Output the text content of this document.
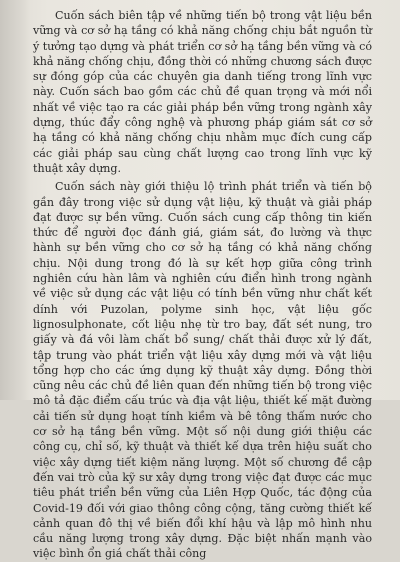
Cuốn sách biên tập về những tiến bộ trong vật liệu bền vững và cơ sở hạ tầng có khả năng chống chịu bắt nguồn từ ý tưởng tạo dựng và phát triển cơ sở hạ tầng bền vững và có khả năng chống chịu, đồng thời có những chương sách được sự đóng góp của các chuyên gia danh tiếng trong lĩnh vực này. Cuốn sách bao gồm các chủ đề quan trọng và mới nổi nhất về việc tạo ra các giải pháp bền vững trong ngành xây dựng, thúc đẩy công nghệ và phương pháp giám sát cơ sở hạ tầng có khả năng chống chịu nhằm mục đích cung cấp các giải pháp sau cùng chất lượng cao trong lĩnh vực kỹ thuật xây dựng.

Cuốn sách này giới thiệu lộ trình phát triển và tiến bộ gần đây trong việc sử dụng vật liệu, kỹ thuật và giải pháp đạt được sự bền vững. Cuốn sách cung cấp thông tin kiến thức để người đọc đánh giá, giám sát, đo lường và thực hành sự bền vững cho cơ sở hạ tầng có khả năng chống chịu. Nội dung trong đó là sự kết hợp giữa công trình nghiên cứu hàn lâm và nghiên cứu điển hình trong ngành về việc sử dụng các vật liệu có tính bền vững như chất kết dính với Puzolan, polyme sinh học, vật liệu gốc lignosulphonate, cốt liệu nhẹ từ tro bay, đất sét nung, tro giấy và đá vôi làm chất bổ sung/ chất thải được xử lý đất, tập trung vào phát triển vật liệu xây dựng mới và vật liệu tổng hợp cho các ứng dụng kỹ thuật xây dựng. Đồng thời cũng nêu các chủ đề liên quan đến những tiến bộ trong việc mô tả đặc điểm cấu trúc và địa vật liệu, thiết kế mặt đường cải tiến sử dụng hoạt tính kiềm và bê tông thấm nước cho cơ sở hạ tầng bền vững. Một số nội dung giới thiệu các công cụ, chỉ số, kỹ thuật và thiết kế dựa trên hiệu suất cho việc xây dựng tiết kiệm năng lượng. Một số chương đề cập đến vai trò của kỹ sư xây dựng trong việc đạt được các mục tiêu phát triển bền vững của Liên Hợp Quốc, tác động của Covid-19 đối với giao thông công cộng, tăng cường thiết kế cảnh quan đô thị về biến đổi khí hậu và lập mô hình nhu cầu năng lượng trong xây dựng. Đặc biệt nhấn mạnh vào việc bình ổn giá chất thải công
